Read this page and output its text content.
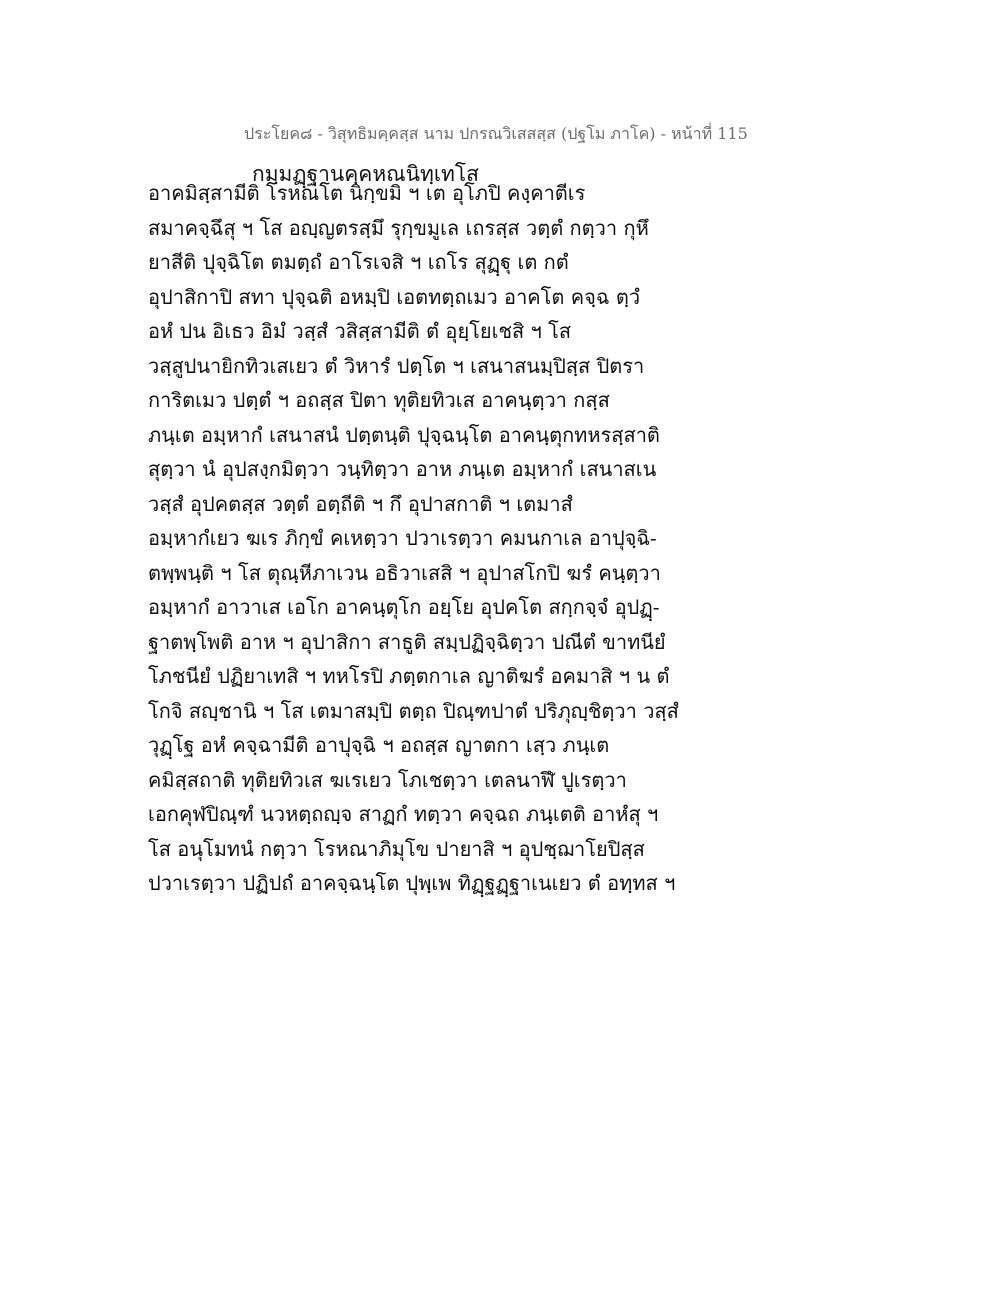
ประโยค๘ - วิสุทธิมคฺคสฺส นาม ปกรณวิเสสสฺส (ปฐโม ภาโค) - หน้าที่ 115
กมฺมฏฺฐานคฺคหณนิทฺเทโส
อาคมิสฺสามีติ โรหณโต นิกฺขมิ ฯ เต อุโภปิ คงฺคาตีเร
สมาคจฺฉึสุ ฯ โส อญฺญตรสฺมึ รุกฺขมูเล เถรสฺส วตฺตํ กตฺวา กุหึ
ยาสีติ ปุจฺฉิโต ตมตฺถํ อาโรเจสิ ฯ เถโร สุฏฺฐุ เต กตํ
อุปาสิกาปิ สทา ปุจฺฉติ อหมฺปิ เอตทตฺถเมว อาคโต คจฺฉ ตฺวํ
อหํ ปน อิเธว อิมํ วสฺสํ วสิสฺสามีติ ตํ อุยฺโยเชสิ ฯ โส
วสฺสูปนายิกทิวเสเยว ตํ วิหารํ ปตฺโต ฯ เสนาสนมฺปิสฺส ปิตรา
การิตเมว ปตฺตํ ฯ อถสฺส ปิตา ทุติยทิวเส อาคนฺตฺวา กสฺส
ภนฺเต อมฺหากํ เสนาสนํ ปตฺตนฺติ ปุจฺฉนฺโต อาคนฺตุกทหรสฺสาติ
สุตฺวา นํ อุปสงฺกมิตฺวา วนฺทิตฺวา อาห ภนฺเต อมฺหากํ เสนาสเน
วสฺสํ อุปคตสฺส วตฺตํ อตฺถีติ ฯ กึ อุปาสกาติ ฯ เตมาสํ
อมฺหากํเยว ฆเร ภิกฺขํ คเหตฺวา ปวาเรตฺวา คมนกาเล อาปุจฺฉิ-
ตพฺพนฺติ ฯ โส ตุณฺหีภาเวน อธิวาเสสิ ฯ อุปาสโกปิ ฆรํ คนฺตฺวา
อมฺหากํ อาวาเส เอโก อาคนฺตุโก อยฺโย อุปคโต สกฺกจฺจํ อุปฏฺ-
ฐาตพฺโพติ อาห ฯ อุปาสิกา สาธูติ สมฺปฏิจฺฉิตฺวา ปณีตํ ขาทนียํ
โภชนียํ ปฏิยาเทสิ ฯ ทหโรปิ ภตฺตกาเล ญาติฆรํ อคมาสิ ฯ น ตํ
โกจิ สญฺชานิ ฯ โส เตมาสมฺปิ ตตฺถ ปิณฺฑปาตํ ปริภุญฺชิตฺวา วสฺสํ
วุฏฺโฐ อหํ คจฺฉามีติ อาปุจฺฉิ ฯ อถสฺส ญาตกา เสฺว ภนฺเต
คมิสฺสถาติ ทุติยทิวเส ฆเรเยว โภเชตฺวา เตลนาฬึ ปูเรตฺวา
เอกคุฬปิณฺฑํ นวหตฺถญฺจ สาฏกํ ทตฺวา คจฺฉถ ภนฺเตติ อาหํสุ ฯ
โส อนุโมทนํ กตฺวา โรหณาภิมุโข ปายาสิ ฯ อุปชฺฌาโยปิสฺส
ปวาเรตฺวา ปฏิปถํ อาคจฺฉนฺโต ปุพฺเพ ทิฏฺฐฏฺฐาเนเยว ตํ อทฺทส ฯ
